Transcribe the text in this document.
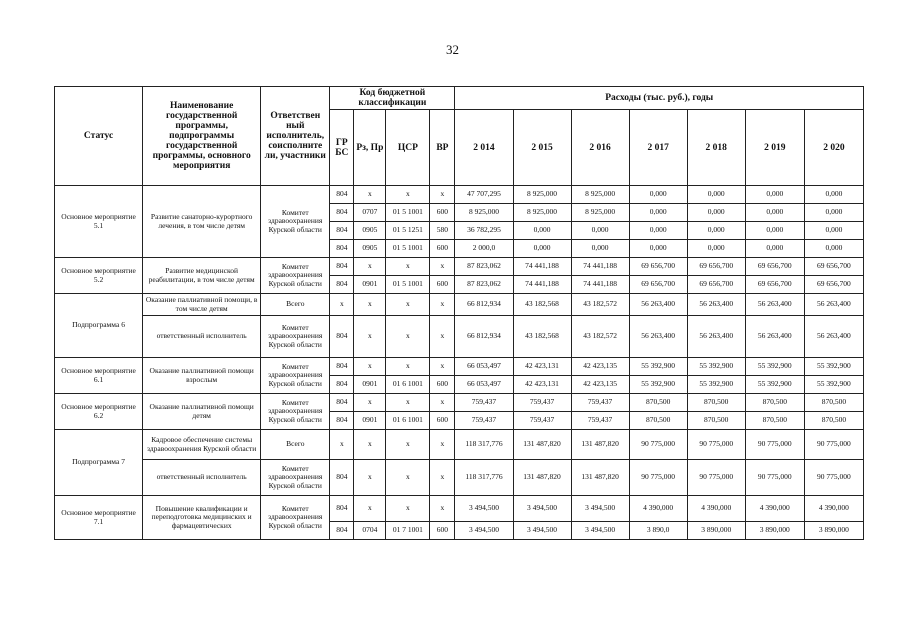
32
Статус	Наименование государственной программы, подпрограммы государственной программы, основного мероприятия	Ответствен ный исполнитель, соисполните ли, участники	Код бюджетной классификации				Расходы (тыс. руб.), годы						
			ГР БС	Рз, Пр	ЦСР	ВР	2 014	2 015	2 016	2 017	2 018	2 019	2 020
Основное мероприятие 5.1	Развитие санаторно-курортного лечения, в том числе детям	Комитет здравоохранения Курской области	804	x	x	x	47 707,295	8 925,000	8 925,000	0,000	0,000	0,000	0,000
			804	0707	01 5 1001	600	8 925,000	8 925,000	8 925,000	0,000	0,000	0,000	0,000
			804	0905	01 5 1251	580	36 782,295	0,000	0,000	0,000	0,000	0,000	0,000
			804	0905	01 5 1001	600	2 000,0	0,000	0,000	0,000	0,000	0,000	0,000
Основное мероприятие 5.2	Развитие медицинской реабилитации, в том числе детям	Комитет здравоохранения Курской области	804	x	x	x	87 823,062	74 441,188	74 441,188	69 656,700	69 656,700	69 656,700	69 656,700
			804	0901	01 5 1001	600	87 823,062	74 441,188	74 441,188	69 656,700	69 656,700	69 656,700	69 656,700
Подпрограмма 6	Оказание паллиативной помощи, в том числе детям	Всего	x	x	x	x	66 812,934	43 182,568	43 182,572	56 263,400	56 263,400	56 263,400	56 263,400
	ответственный исполнитель	Комитет здравоохранения Курской области	804	x	x	x	66 812,934	43 182,568	43 182,572	56 263,400	56 263,400	56 263,400	56 263,400
Основное мероприятие 6.1	Оказание паллиативной помощи взрослым	Комитет здравоохранения Курской области	804	x	x	x	66 053,497	42 423,131	42 423,135	55 392,900	55 392,900	55 392,900	55 392,900
			804	0901	01 6 1001	600	66 053,497	42 423,131	42 423,135	55 392,900	55 392,900	55 392,900	55 392,900
Основное мероприятие 6.2	Оказание паллиативной помощи детям	Комитет здравоохранения Курской области	804	x	x	x	759,437	759,437	759,437	870,500	870,500	870,500	870,500
			804	0901	01 6 1001	600	759,437	759,437	759,437	870,500	870,500	870,500	870,500
Подпрограмма 7	Кадровое обеспечение системы здравоохранения Курской области	Всего	x	x	x	x	118 317,776	131 487,820	131 487,820	90 775,000	90 775,000	90 775,000	90 775,000
	ответственный исполнитель	Комитет здравоохранения Курской области	804	x	x	x	118 317,776	131 487,820	131 487,820	90 775,000	90 775,000	90 775,000	90 775,000
Основное мероприятие 7.1	Повышение квалификации и переподготовка медицинских и фармацевтических	Комитет здравоохранения Курской области	804	x	x	x	3 494,500	3 494,500	3 494,500	4 390,000	4 390,000	4 390,000	4 390,000
			804	0704	01 7 1001	600	3 494,500	3 494,500	3 494,500	3 890,0	3 890,000	3 890,000	3 890,000
